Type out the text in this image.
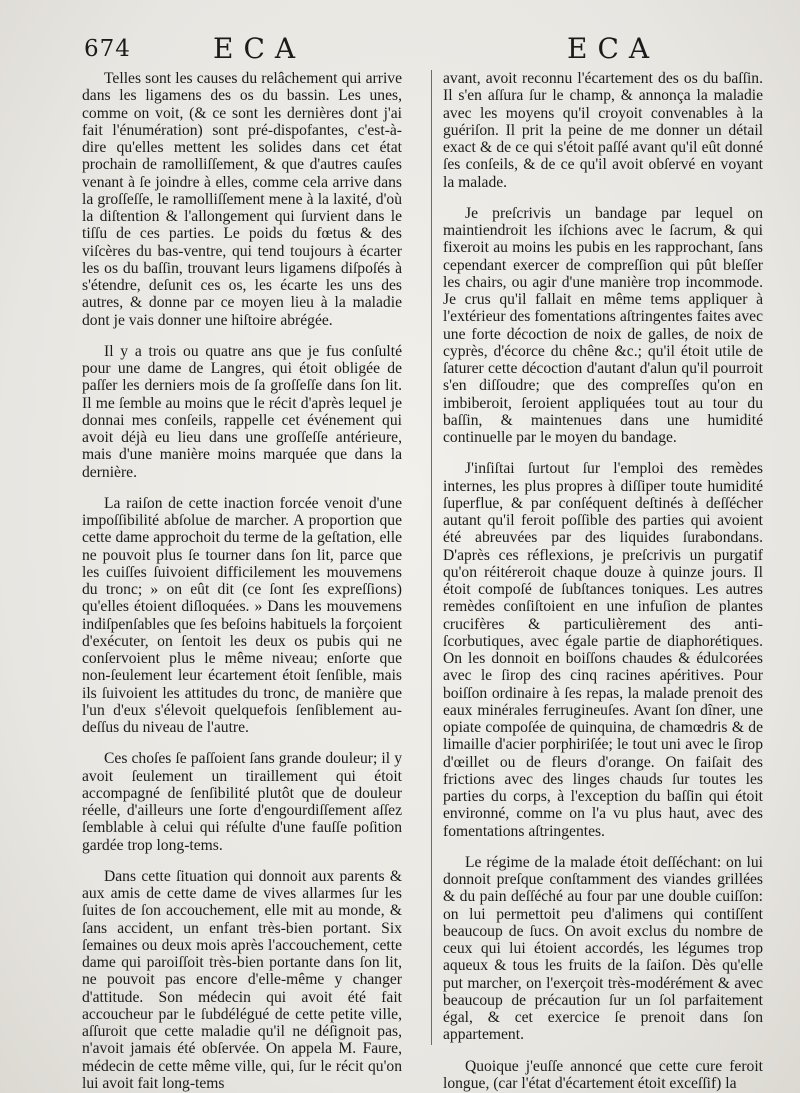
674	ECA	ECA

Telles sont les causes du relâchement qui arrive dans les ligamens des os du bassin. Les unes, comme on voit, (& ce sont les dernières dont j'ai fait l'énumération) sont pré-dispofantes, c'est-à-dire qu'elles mettent les solides dans cet état prochain de ramolliſſement, & que d'autres cauſes venant à ſe joindre à elles, comme cela arrive dans la groſſeſſe, le ramolliſſement mene à la laxité, d'où la diſtention & l'allongement qui ſurvient dans le tiſſu de ces parties. Le poids du fœtus & des viſcères du bas-ventre, qui tend toujours à écarter les os du baſſin, trouvant leurs ligamens diſpoſés à s'étendre, deſunit ces os, les écarte les uns des autres, & donne par ce moyen lieu à la maladie dont je vais donner une hiſtoire abrégée.

Il y a trois ou quatre ans que je fus conſulté pour une dame de Langres, qui étoit obligée de paſſer les derniers mois de ſa groſſeſſe dans ſon lit. Il me ſemble au moins que le récit d'après lequel je donnai mes conſeils, rappelle cet événement qui avoit déjà eu lieu dans une groſſeſſe antérieure, mais d'une manière moins marquée que dans la dernière.

La raiſon de cette inaction forcée venoit d'une impoſſibilité abſolue de marcher. A proportion que cette dame approchoit du terme de la geſtation, elle ne pouvoit plus ſe tourner dans ſon lit, parce que les cuiſſes ſuivoient difficilement les mouvemens du tronc; » on eût dit (ce ſont ſes expreſſions) qu'elles étoient diſloquées. » Dans les mouvemens indiſpenſables que ſes beſoins habituels la forçoient d'exécuter, on ſentoit les deux os pubis qui ne conſervoient plus le même niveau; enſorte que non-ſeulement leur écartement étoit ſenſible, mais ils ſuivoient les attitudes du tronc, de manière que l'un d'eux s'élevoit quelquefois ſenſiblement au-deſſus du niveau de l'autre.

Ces choſes ſe paſſoient ſans grande douleur; il y avoit ſeulement un tiraillement qui étoit accompagné de ſenſibilité plutôt que de douleur réelle, d'ailleurs une ſorte d'engourdiſſement aſſez ſemblable à celui qui réſulte d'une fauſſe poſition gardée trop long-tems.

Dans cette ſituation qui donnoit aux parents & aux amis de cette dame de vives allarmes ſur les ſuites de ſon accouchement, elle mit au monde, & ſans accident, un enfant très-bien portant. Six ſemaines ou deux mois après l'accouchement, cette dame qui paroiſſoit très-bien portante dans ſon lit, ne pouvoit pas encore d'elle-même y changer d'attitude. Son médecin qui avoit été fait accoucheur par le ſubdélégué de cette petite ville, aſſuroit que cette maladie qu'il ne déſignoit pas, n'avoit jamais été obſervée. On appela M. Faure, médecin de cette même ville, qui, ſur le récit qu'on lui avoit fait long-tems

avant, avoit reconnu l'écartement des os du baſſin. Il s'en aſſura ſur le champ, & annonça la maladie avec les moyens qu'il croyoit convenables à la guériſon. Il prit la peine de me donner un détail exact & de ce qui s'étoit paſſé avant qu'il eût donné ſes conſeils, & de ce qu'il avoit obſervé en voyant la malade.

Je preſcrivis un bandage par lequel on maintiendroit les iſchions avec le ſacrum, & qui fixeroit au moins les pubis en les rapprochant, ſans cependant exercer de compreſſion qui pût bleſſer les chairs, ou agir d'une manière trop incommode. Je crus qu'il fallait en même tems appliquer à l'extérieur des fomentations aſtringentes faites avec une forte décoction de noix de galles, de noix de cyprès, d'écorce du chêne &c.; qu'il étoit utile de ſaturer cette décoction d'autant d'alun qu'il pourroit s'en diſſoudre; que des compreſſes qu'on en imbiberoit, ſeroient appliquées tout au tour du baſſin, & maintenues dans une humidité continuelle par le moyen du bandage.

J'inſiſtai ſurtout ſur l'emploi des remèdes internes, les plus propres à diſſiper toute humidité ſuperflue, & par conſéquent deſtinés à deſſécher autant qu'il feroit poſſible des parties qui avoient été abreuvées par des liquides ſurabondans. D'après ces réflexions, je preſcrivis un purgatif qu'on réitéreroit chaque douze à quinze jours. Il étoit compoſé de ſubſtances toniques. Les autres remèdes conſiſtoient en une infuſion de plantes crucifères & particulièrement des anti-ſcorbutiques, avec égale partie de diaphorétiques. On les donnoit en boiſſons chaudes & édulcorées avec le ſirop des cinq racines apéritives. Pour boiſſon ordinaire à ſes repas, la malade prenoit des eaux minérales ferrugineuſes. Avant ſon dîner, une opiate compoſée de quinquina, de chamœdris & de limaille d'acier porphiriſée; le tout uni avec le ſirop d'œillet ou de fleurs d'orange. On faiſait des frictions avec des linges chauds ſur toutes les parties du corps, à l'exception du baſſin qui étoit environné, comme on l'a vu plus haut, avec des fomentations aſtringentes.

Le régime de la malade étoit deſſéchant: on lui donnoit preſque conſtamment des viandes grillées & du pain deſſéché au four par une double cuiſſon: on lui permettoit peu d'alimens qui contiſſent beaucoup de ſucs. On avoit exclus du nombre de ceux qui lui étoient accordés, les légumes trop aqueux & tous les fruits de la ſaiſon. Dès qu'elle put marcher, on l'exerçoit très-modérément & avec beaucoup de précaution ſur un ſol parfaitement égal, & cet exercice ſe prenoit dans ſon appartement.

Quoique j'euſſe annoncé que cette cure feroit longue, (car l'état d'écartement étoit exceſſif) la
